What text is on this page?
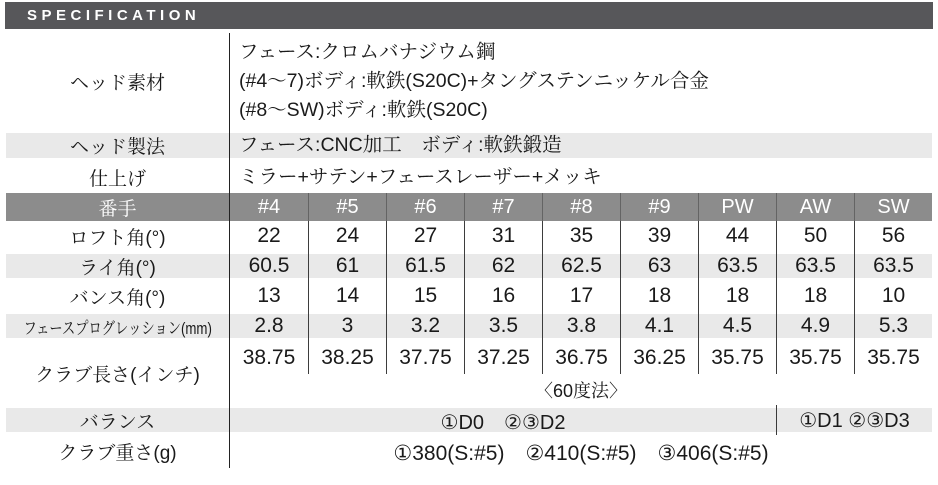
SPECIFICATION
ヘッド素材
フェース:クロムバナジウム鋼
(#4〜7)ボディ:軟鉄(S20C)+タングステンニッケル合金
(#8〜SW)ボディ:軟鉄(S20C)
ヘッド製法	フェース:CNC加工　ボディ:軟鉄鍛造
仕上げ	ミラー+サテン+フェースレーザー+メッキ
番手	#4	#5	#6	#7	#8	#9	PW	AW	SW
ロフト角(°)	22	24	27	31	35	39	44	50	56
ライ角(°)	60.5	61	61.5	62	62.5	63	63.5	63.5	63.5
バンス角(°)	13	14	15	16	17	18	18	18	10
フェースプログレッション(mm)	2.8	3	3.2	3.5	3.8	4.1	4.5	4.9	5.3
クラブ長さ(インチ)
38.75	38.25	37.75	37.25	36.75	36.25	35.75	35.75	35.75
〈60度法〉
バランス	①D0　②③D2	①D1 ②③D3
クラブ重さ(g)	①380(S:#5)　②410(S:#5)　③406(S:#5)
